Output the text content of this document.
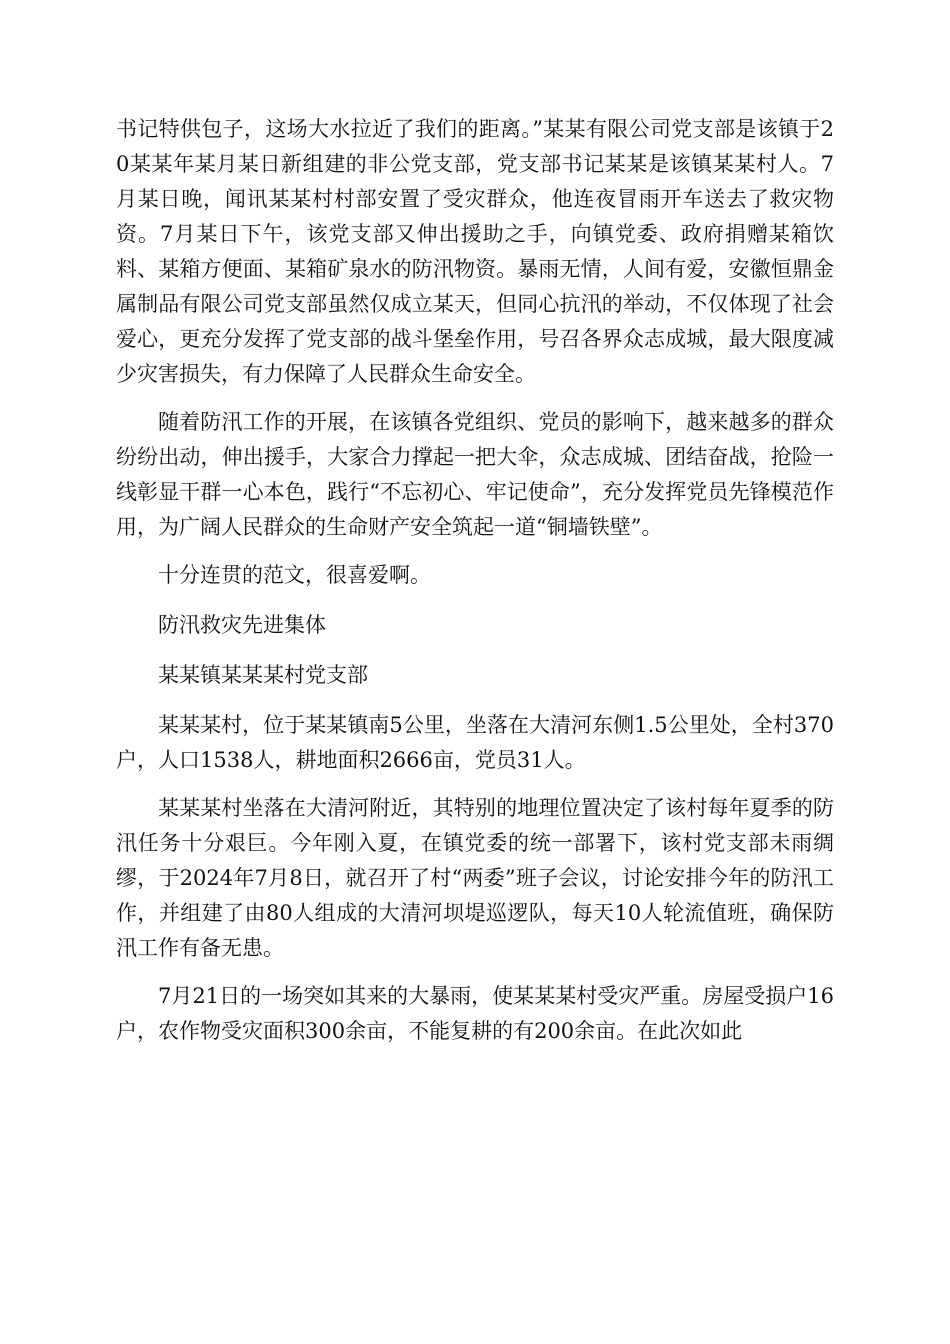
书记特供包子，这场大水拉近了我们的距离。”某某有限公司党支部是该镇于20某某年某月某日新组建的非公党支部，党支部书记某某是该镇某某村人。7月某日晚，闻讯某某村村部安置了受灾群众，他连夜冒雨开车送去了救灾物资。7月某日下午，该党支部又伸出援助之手，向镇党委、政府捐赠某箱饮料、某箱方便面、某箱矿泉水的防汛物资。暴雨无情，人间有爱，安徽恒鼎金属制品有限公司党支部虽然仅成立某天，但同心抗汛的举动，不仅体现了社会爱心，更充分发挥了党支部的战斗堡垒作用，号召各界众志成城，最大限度减少灾害损失，有力保障了人民群众生命安全。

随着防汛工作的开展，在该镇各党组织、党员的影响下，越来越多的群众纷纷出动，伸出援手，大家合力撑起一把大伞，众志成城、团结奋战，抢险一线彰显干群一心本色，践行“不忘初心、牢记使命”，充分发挥党员先锋模范作用，为广阔人民群众的生命财产安全筑起一道“铜墙铁壁”。

十分连贯的范文，很喜爱啊。

防汛救灾先进集体

某某镇某某某村党支部

某某某村，位于某某镇南5公里，坐落在大清河东侧1.5公里处，全村370户，人口1538人，耕地面积2666亩，党员31人。

某某某村坐落在大清河附近，其特别的地理位置决定了该村每年夏季的防汛任务十分艰巨。今年刚入夏，在镇党委的统一部署下，该村党支部未雨绸缪，于2024年7月8日，就召开了村“两委”班子会议，讨论安排今年的防汛工作，并组建了由80人组成的大清河坝堤巡逻队，每天10人轮流值班，确保防汛工作有备无患。

7月21日的一场突如其来的大暴雨，使某某某村受灾严重。房屋受损户16户，农作物受灾面积300余亩，不能复耕的有200余亩。在此次如此
